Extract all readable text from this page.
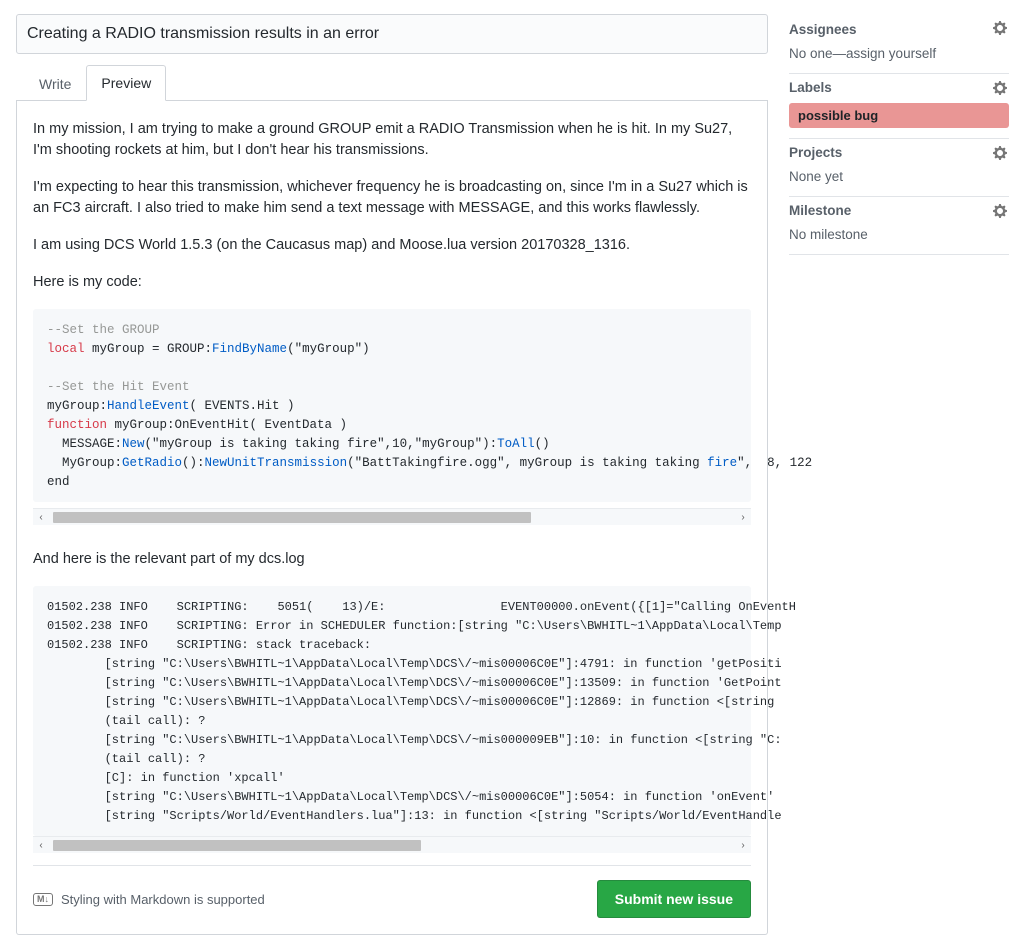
Creating a RADIO transmission results in an error
Write	Preview

In my mission, I am trying to make a ground GROUP emit a RADIO Transmission when he is hit. In my Su27, I'm shooting rockets at him, but I don't hear his transmissions.

I'm expecting to hear this transmission, whichever frequency he is broadcasting on, since I'm in a Su27 which is an FC3 aircraft. I also tried to make him send a text message with MESSAGE, and this works flawlessly.

I am using DCS World 1.5.3 (on the Caucasus map) and Moose.lua version 20170328_1316.

Here is my code:

--Set the GROUP
local myGroup = GROUP:FindByName("myGroup")

--Set the Hit Event
myGroup:HandleEvent( EVENTS.Hit )
function myGroup:OnEventHit( EventData )
MESSAGE:New("myGroup is taking taking fire",10,"myGroup"):ToAll()
MyGroup:GetRadio():NewUnitTransmission("BattTakingfire.ogg", myGroup is taking taking fire",  8, 122
end
‹	›

And here is the relevant part of my dcs.log

01502.238 INFO    SCRIPTING:    5051(    13)/E:                EVENT00000.onEvent({[1]="Calling OnEventH
01502.238 INFO    SCRIPTING: Error in SCHEDULER function:[string "C:\Users\BWHITL~1\AppData\Local\Temp
01502.238 INFO    SCRIPTING: stack traceback:
[string "C:\Users\BWHITL~1\AppData\Local\Temp\DCS\/~mis00006C0E"]:4791: in function 'getPositi
[string "C:\Users\BWHITL~1\AppData\Local\Temp\DCS\/~mis00006C0E"]:13509: in function 'GetPoint
[string "C:\Users\BWHITL~1\AppData\Local\Temp\DCS\/~mis00006C0E"]:12869: in function <[string
(tail call): ?
[string "C:\Users\BWHITL~1\AppData\Local\Temp\DCS\/~mis000009EB"]:10: in function <[string "C:
(tail call): ?
[C]: in function 'xpcall'
[string "C:\Users\BWHITL~1\AppData\Local\Temp\DCS\/~mis00006C0E"]:5054: in function 'onEvent'
[string "Scripts/World/EventHandlers.lua"]:13: in function <[string "Scripts/World/EventHandle
‹	›
M↓ Styling with Markdown is supported	Submit new issue
Assignees
No one—assign yourself
Labels
possible bug
Projects
None yet
Milestone
No milestone
